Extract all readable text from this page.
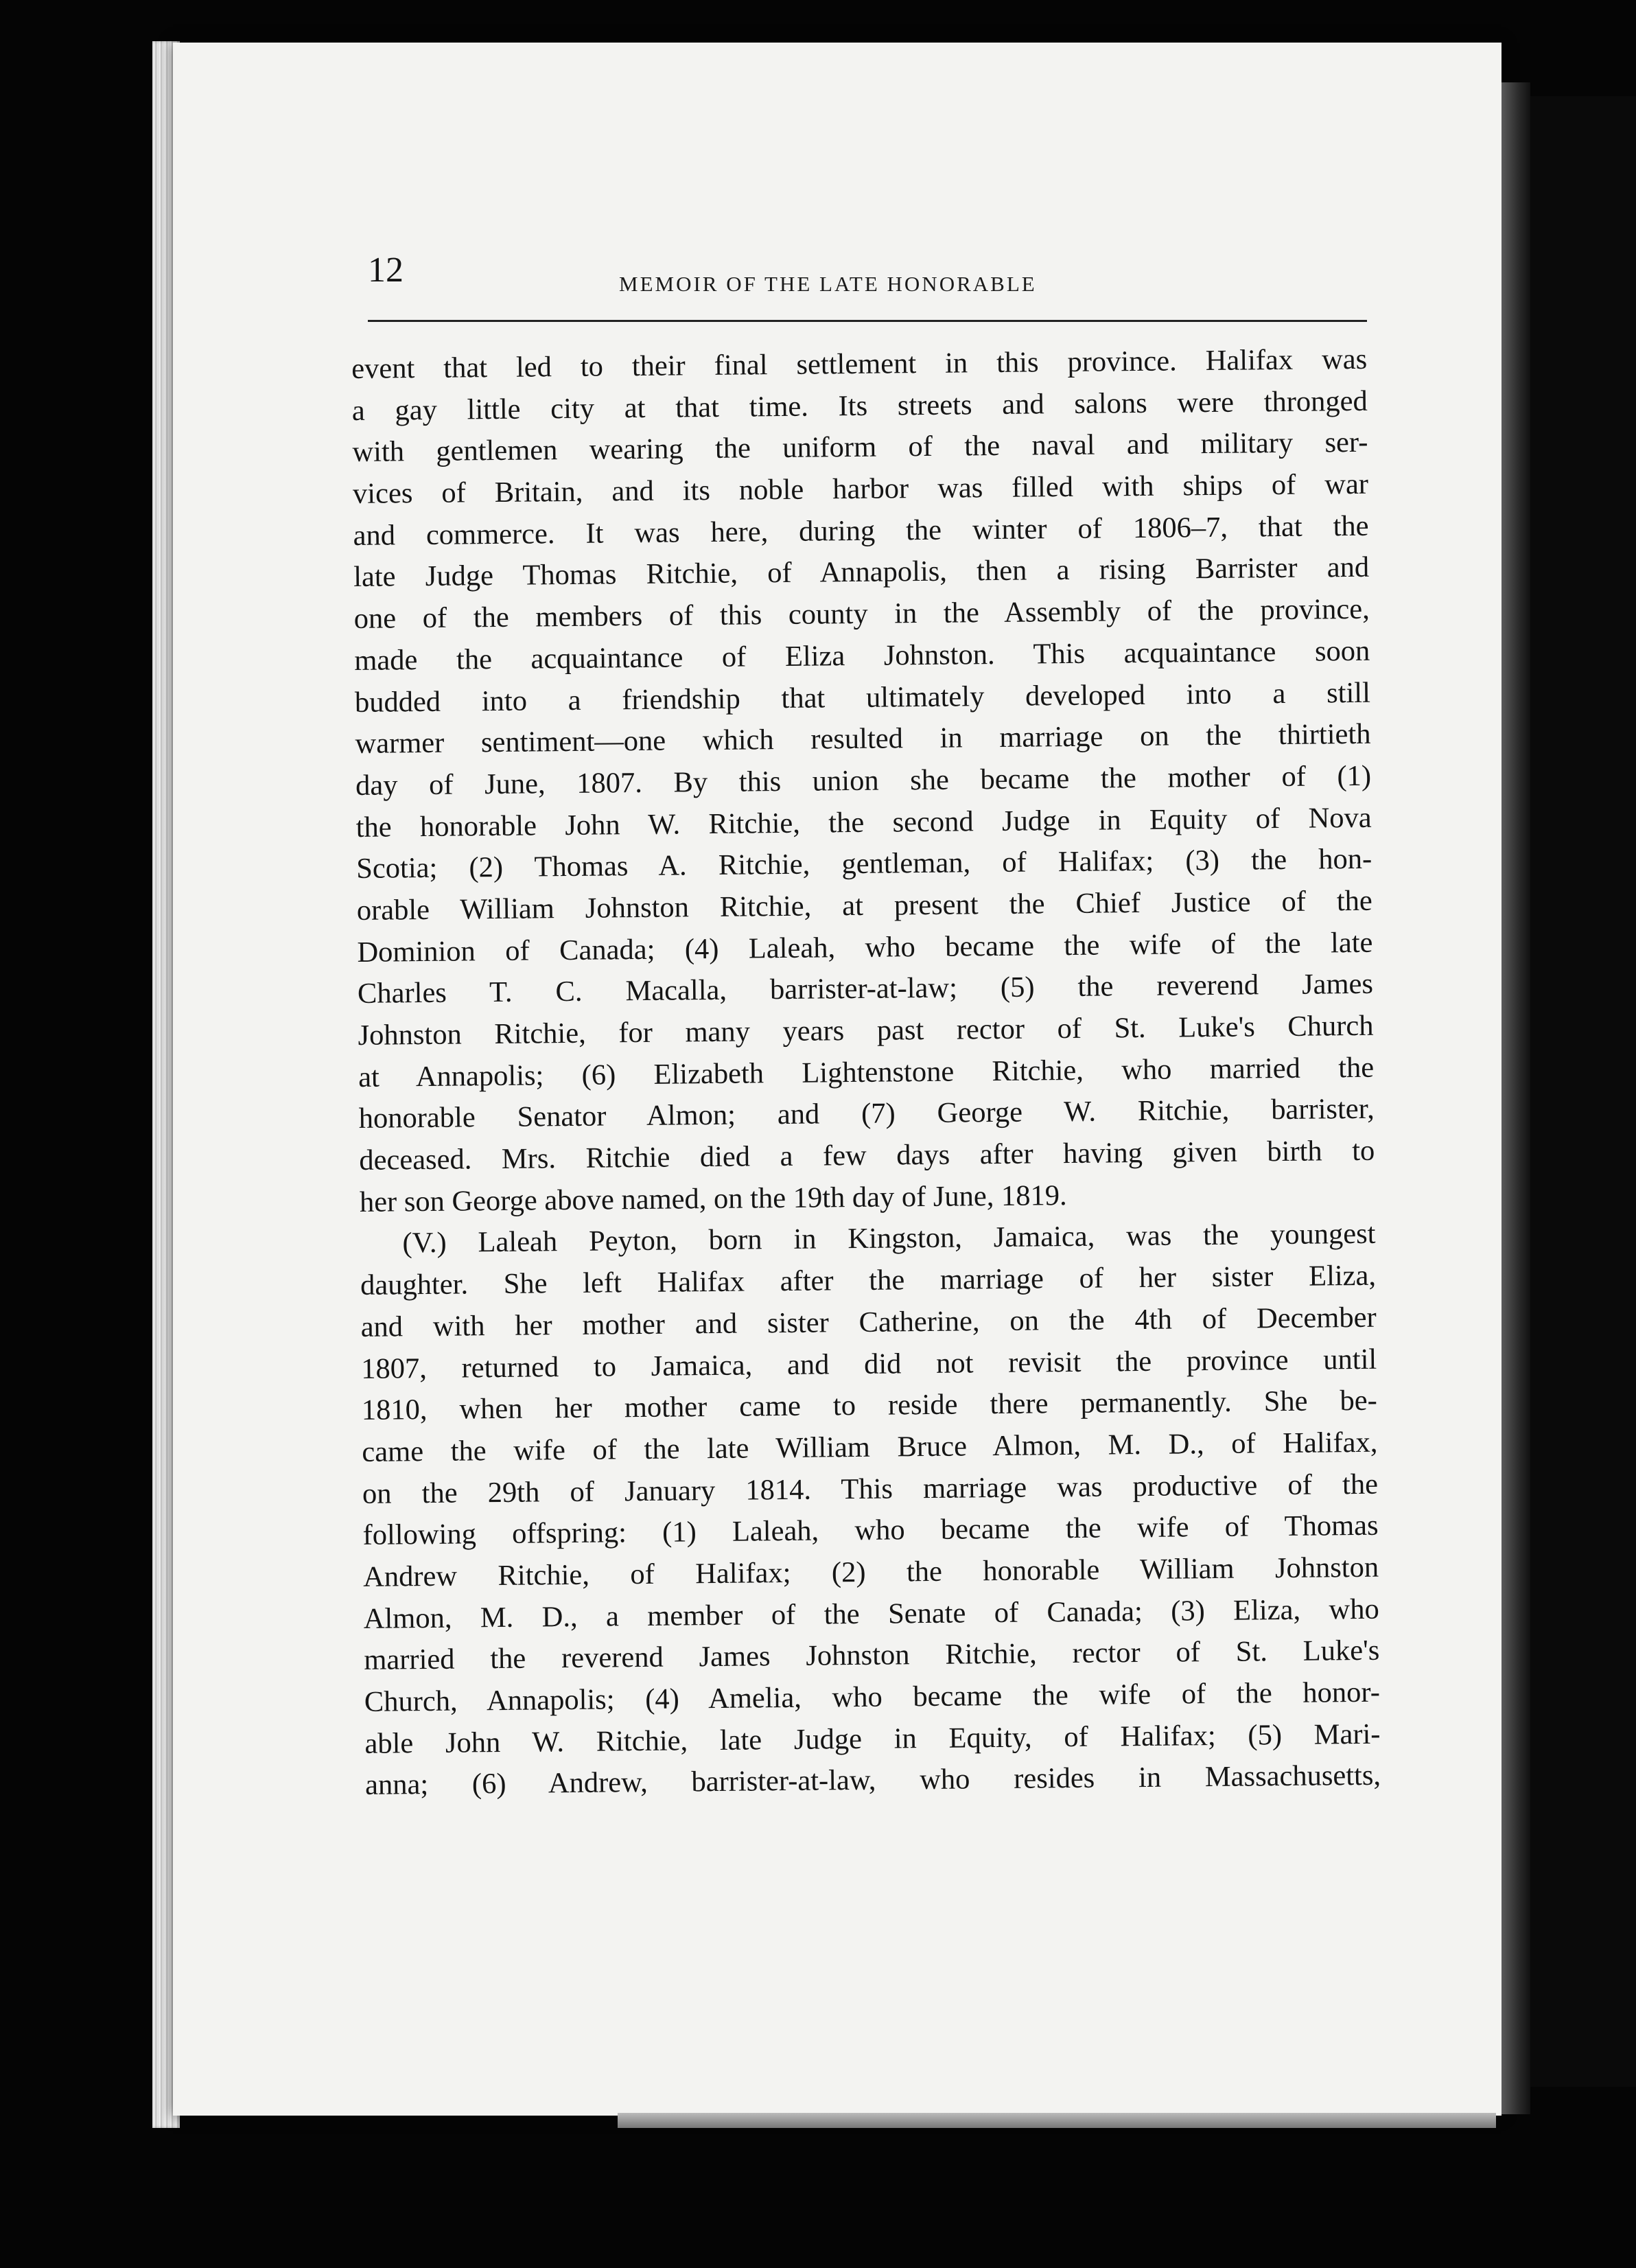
12	MEMOIR OF THE LATE HONORABLE
event that led to their final settlement in this province. Halifax was
a gay little city at that time. Its streets and salons were thronged
with gentlemen wearing the uniform of the naval and military ser-
vices of Britain, and its noble harbor was filled with ships of war
and commerce. It was here, during the winter of 1806–7, that the
late Judge Thomas Ritchie, of Annapolis, then a rising Barrister and
one of the members of this county in the Assembly of the province,
made the acquaintance of Eliza Johnston. This acquaintance soon
budded into a friendship that ultimately developed into a still
warmer sentiment—one which resulted in marriage on the thirtieth
day of June, 1807. By this union she became the mother of (1)
the honorable John W. Ritchie, the second Judge in Equity of Nova
Scotia; (2) Thomas A. Ritchie, gentleman, of Halifax; (3) the hon-
orable William Johnston Ritchie, at present the Chief Justice of the
Dominion of Canada; (4) Laleah, who became the wife of the late
Charles T. C. Macalla, barrister-at-law; (5) the reverend James
Johnston Ritchie, for many years past rector of St. Luke's Church
at Annapolis; (6) Elizabeth Lightenstone Ritchie, who married the
honorable Senator Almon; and (7) George W. Ritchie, barrister,
deceased. Mrs. Ritchie died a few days after having given birth to
her son George above named, on the 19th day of June, 1819.
(V.) Laleah Peyton, born in Kingston, Jamaica, was the youngest
daughter. She left Halifax after the marriage of her sister Eliza,
and with her mother and sister Catherine, on the 4th of December
1807, returned to Jamaica, and did not revisit the province until
1810, when her mother came to reside there permanently. She be-
came the wife of the late William Bruce Almon, M. D., of Halifax,
on the 29th of January 1814. This marriage was productive of the
following offspring: (1) Laleah, who became the wife of Thomas
Andrew Ritchie, of Halifax; (2) the honorable William Johnston
Almon, M. D., a member of the Senate of Canada; (3) Eliza, who
married the reverend James Johnston Ritchie, rector of St. Luke's
Church, Annapolis; (4) Amelia, who became the wife of the honor-
able John W. Ritchie, late Judge in Equity, of Halifax; (5) Mari-
anna; (6) Andrew, barrister-at-law, who resides in Massachusetts,
